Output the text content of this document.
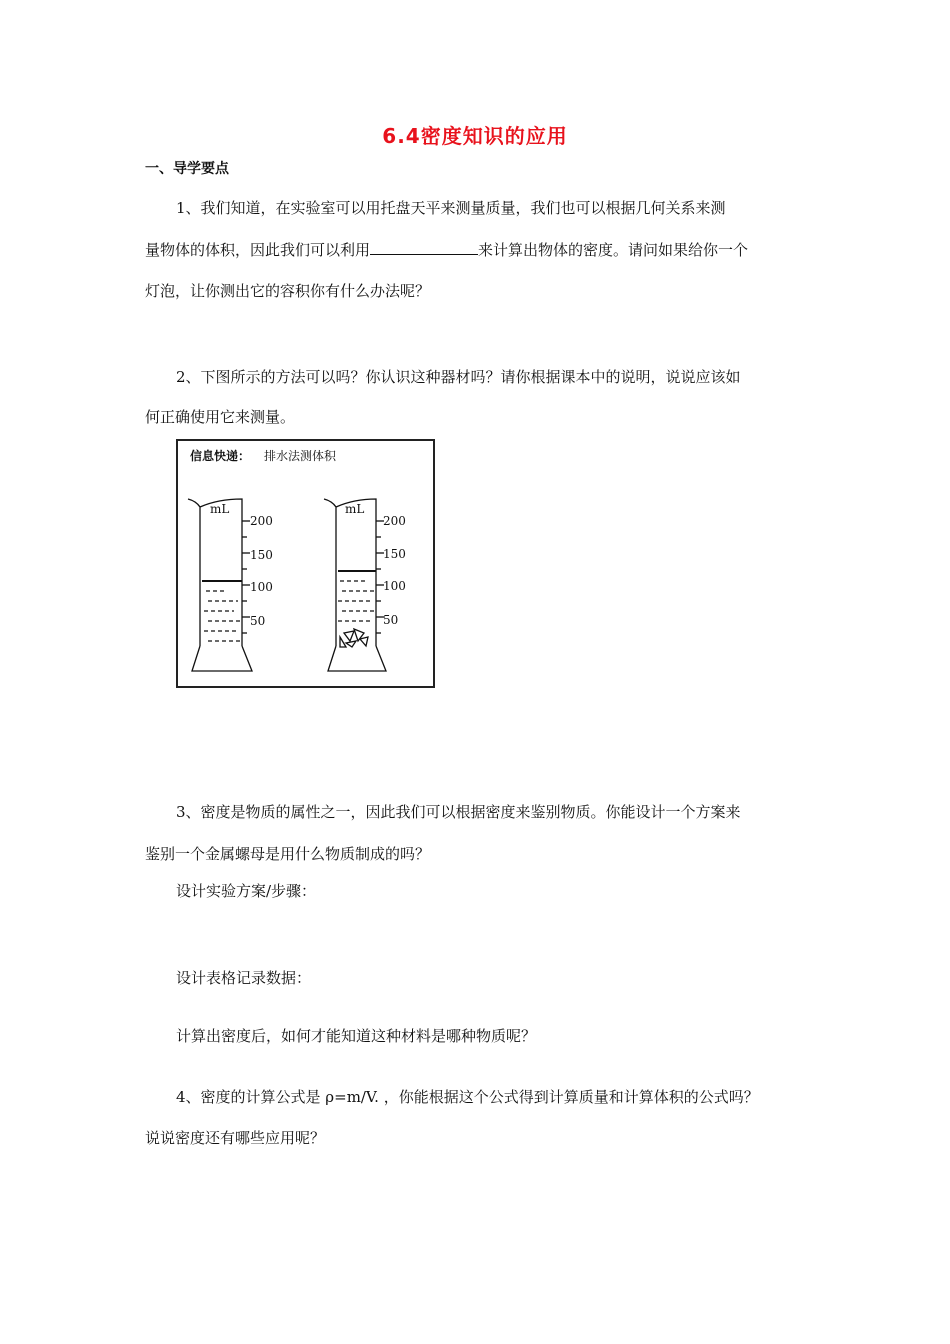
6.4密度知识的应用
一、导学要点
1、我们知道，在实验室可以用托盘天平来测量质量，我们也可以根据几何关系来测
量物体的体积，因此我们可以利用	来计算出物体的密度。请问如果给你一个
灯泡，让你测出它的容积你有什么办法呢？
2、下图所示的方法可以吗？你认识这种器材吗？请你根据课本中的说明，说说应该如
何正确使用它来测量。
信息快递： 排水法测体积
mL
200
150
100
50
mL
200
150
100
50
3、密度是物质的属性之一，因此我们可以根据密度来鉴别物质。你能设计一个方案来
鉴别一个金属螺母是用什么物质制成的吗？
设计实验方案/步骤：
设计表格记录数据：
计算出密度后，如何才能知道这种材料是哪种物质呢？
4、密度的计算公式是 ρ=m/V. ，你能根据这个公式得到计算质量和计算体积的公式吗？
说说密度还有哪些应用呢？
